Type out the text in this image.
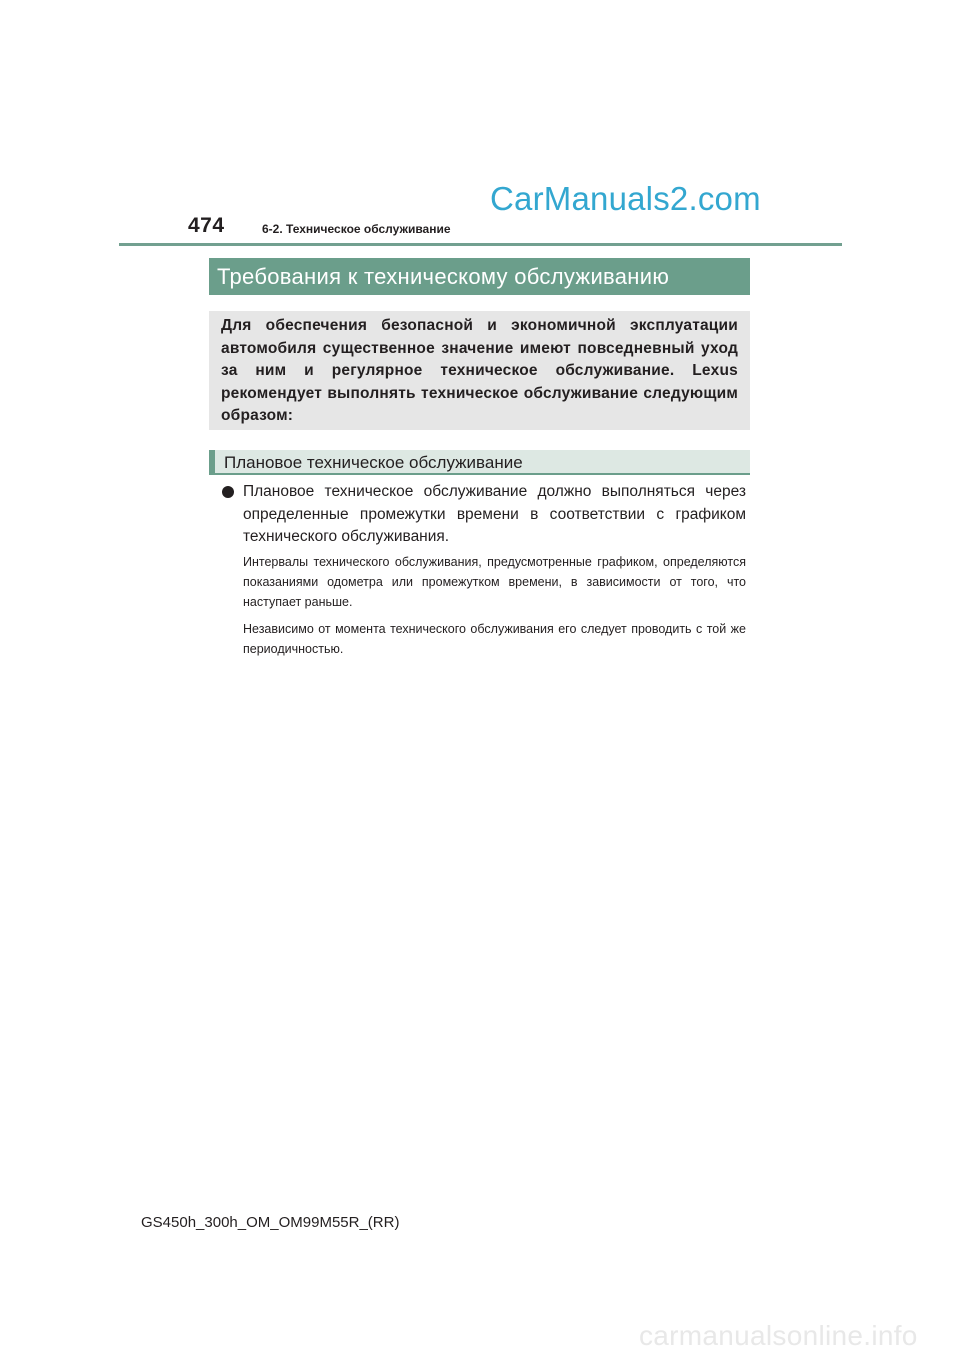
474	6-2. Техническое обслуживание
CarManuals2.com
Требования к техническому обслуживанию

Для обеспечения безопасной и экономичной эксплуатации автомобиля существенное значение имеют повседневный уход за ним и регулярное техническое обслуживание. Lexus рекомендует выполнять техническое обслуживание следующим образом:

Плановое техническое обслуживание

Плановое техническое обслуживание должно выполняться через определенные промежутки времени в соответствии с графиком технического обслуживания.

Интервалы технического обслуживания, предусмотренные графиком, определяются показаниями одометра или промежутком времени, в зависимости от того, что наступает раньше.

Независимо от момента технического обслуживания его следует проводить с той же периодичностью.

GS450h_300h_OM_OM99M55R_(RR)
carmanualsonline.info
